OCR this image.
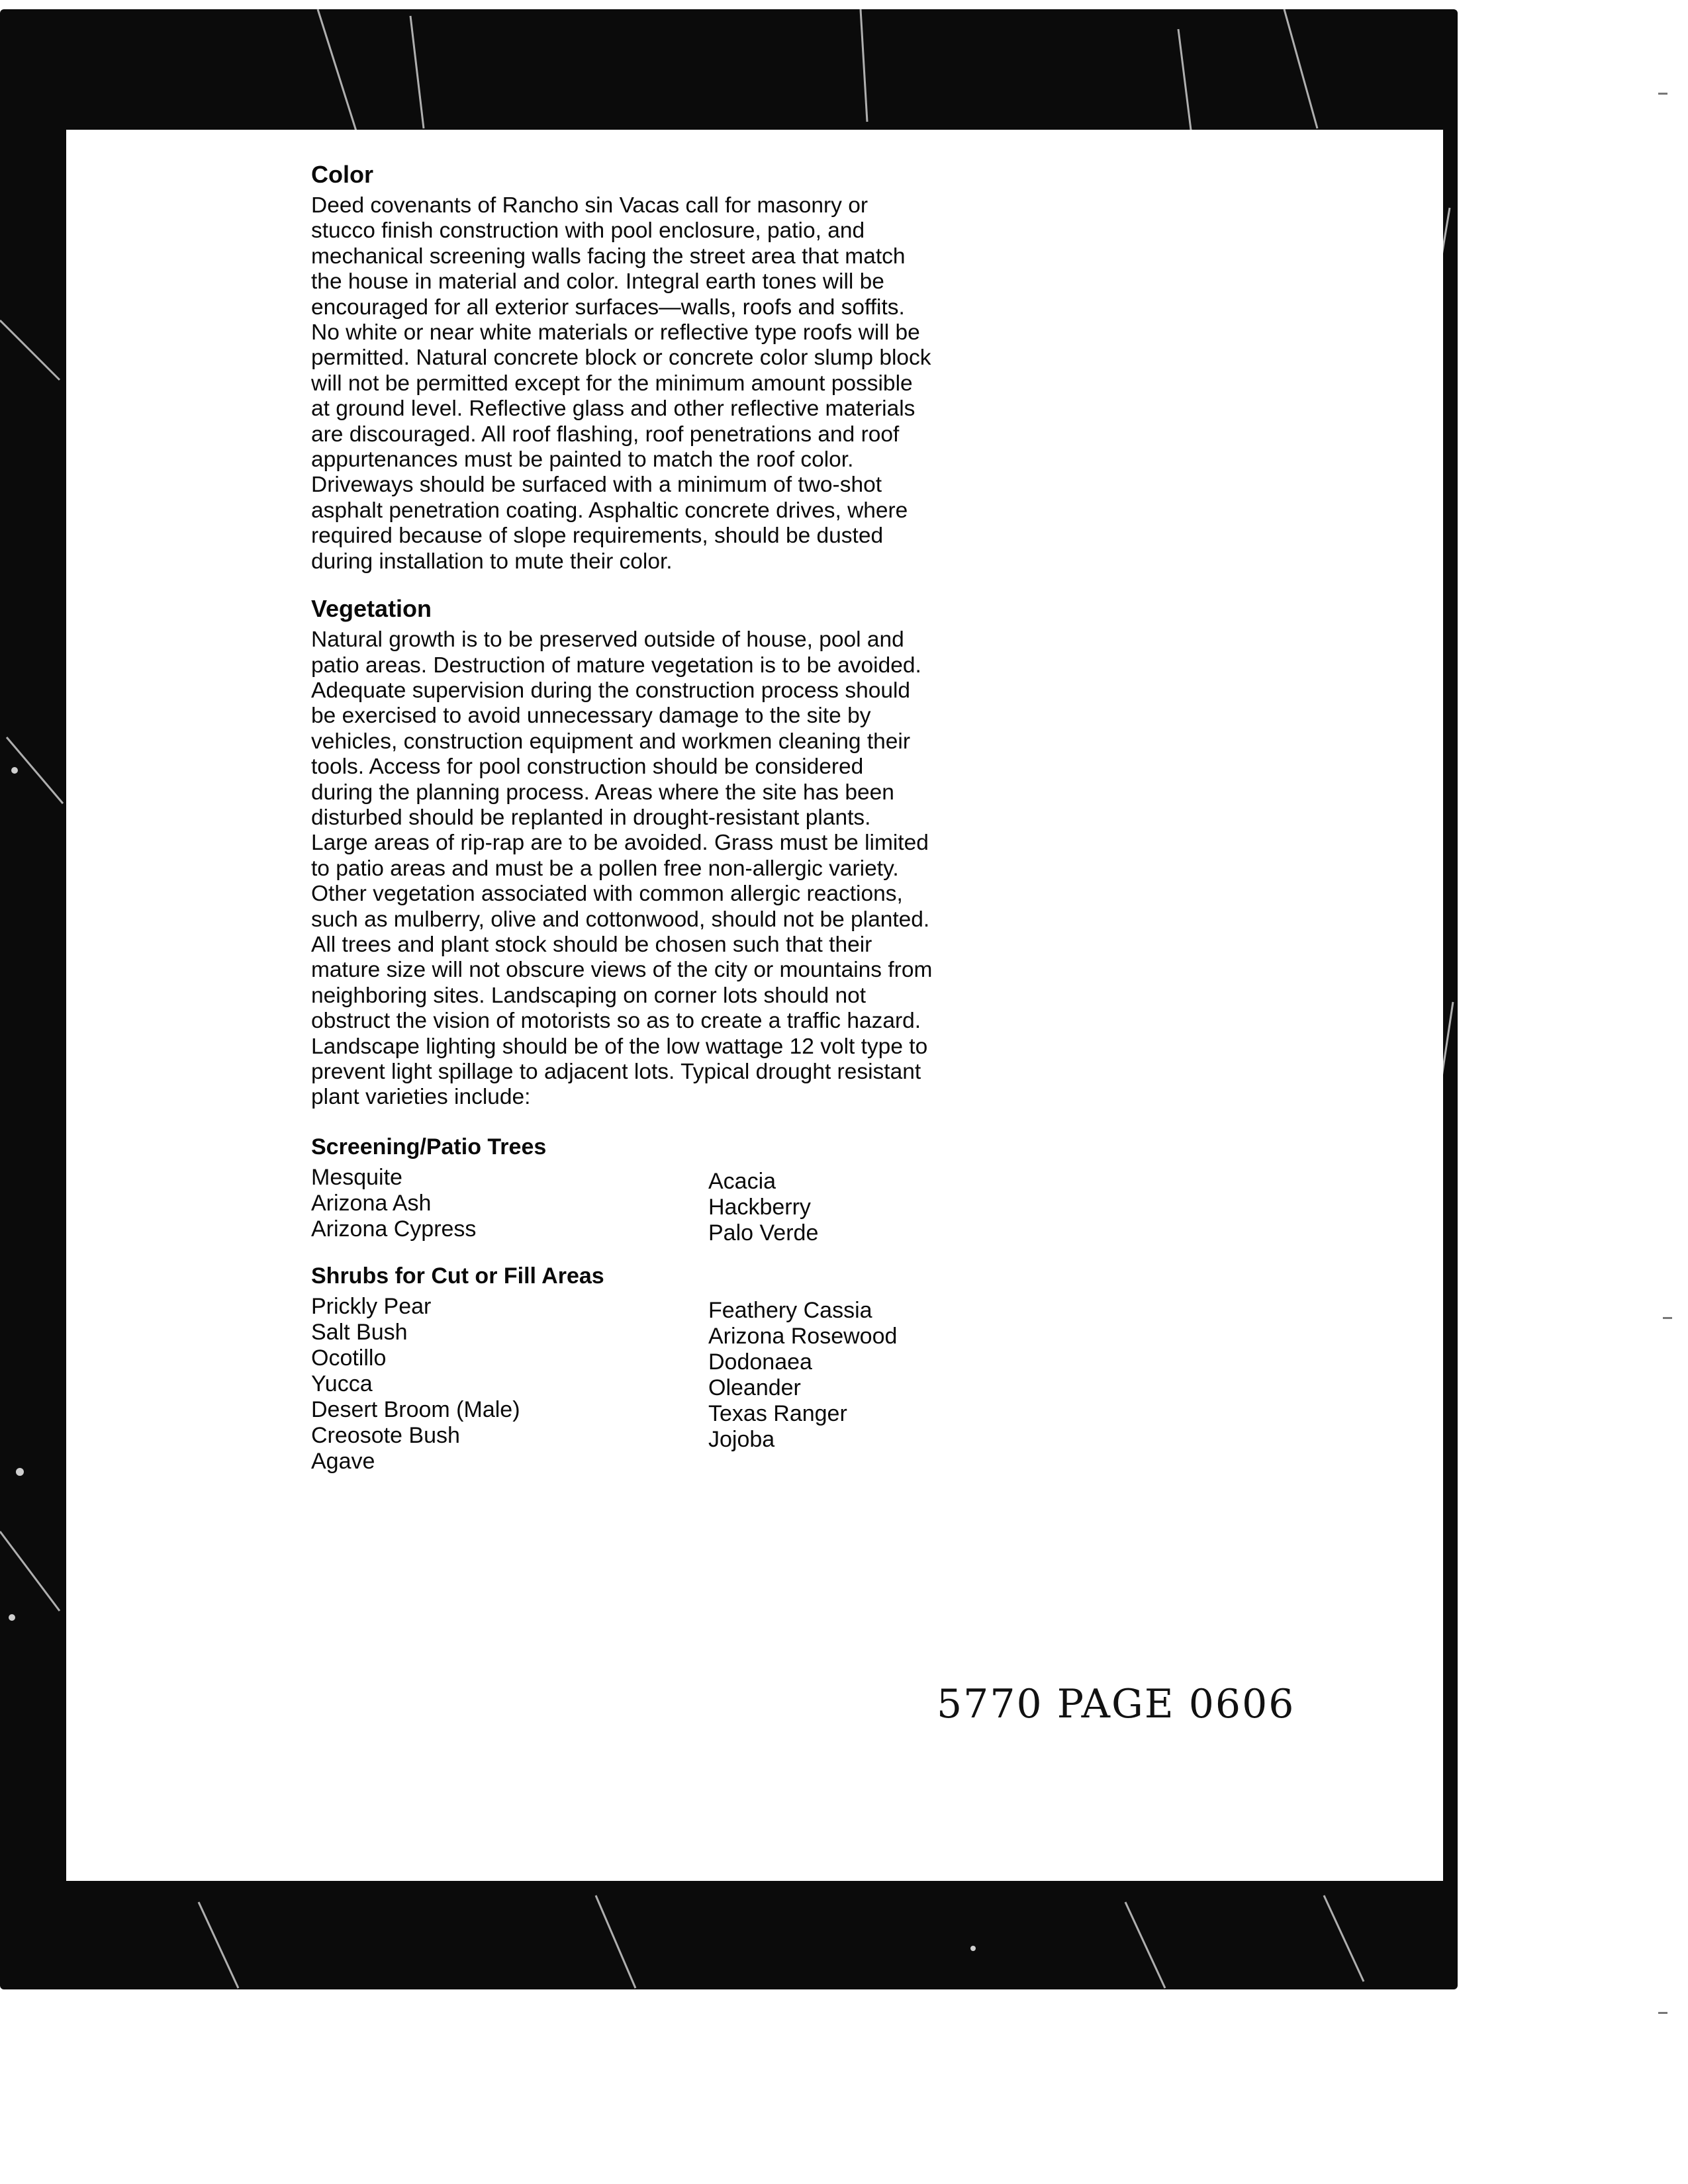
Color

Deed covenants of Rancho sin Vacas call for masonry or
stucco finish construction with pool enclosure, patio, and
mechanical screening walls facing the street area that match
the house in material and color. Integral earth tones will be
encouraged for all exterior surfaces—walls, roofs and soffits.
No white or near white materials or reflective type roofs will be
permitted. Natural concrete block or concrete color slump block
will not be permitted except for the minimum amount possible
at ground level. Reflective glass and other reflective materials
are discouraged. All roof flashing, roof penetrations and roof
appurtenances must be painted to match the roof color.
Driveways should be surfaced with a minimum of two-shot
asphalt penetration coating. Asphaltic concrete drives, where
required because of slope requirements, should be dusted
during installation to mute their color.

Vegetation

Natural growth is to be preserved outside of house, pool and
patio areas. Destruction of mature vegetation is to be avoided.
Adequate supervision during the construction process should
be exercised to avoid unnecessary damage to the site by
vehicles, construction equipment and workmen cleaning their
tools. Access for pool construction should be considered
during the planning process. Areas where the site has been
disturbed should be replanted in drought-resistant plants.
Large areas of rip-rap are to be avoided. Grass must be limited
to patio areas and must be a pollen free non-allergic variety.
Other vegetation associated with common allergic reactions,
such as mulberry, olive and cottonwood, should not be planted.
All trees and plant stock should be chosen such that their
mature size will not obscure views of the city or mountains from
neighboring sites. Landscaping on corner lots should not
obstruct the vision of motorists so as to create a traffic hazard.
Landscape lighting should be of the low wattage 12 volt type to
prevent light spillage to adjacent lots. Typical drought resistant
plant varieties include:

Screening/Patio Trees

Mesquite
Arizona Ash
Arizona Cypress
Acacia
Hackberry
Palo Verde

Shrubs for Cut or Fill Areas

Prickly Pear
Salt Bush
Ocotillo
Yucca
Desert Broom (Male)
Creosote Bush
Agave
Feathery Cassia
Arizona Rosewood
Dodonaea
Oleander
Texas Ranger
Jojoba
5770 PAGE 0606
